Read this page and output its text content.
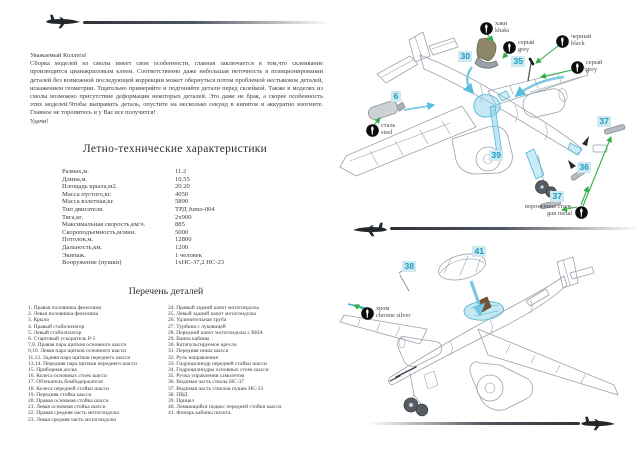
Уважаемый Коллега!

Сборка моделей из смолы имеет свои особенности, главная заключается в том,что склеивание производится цианакриловым клеем. Соответственно даже небольшая неточность в позиционировании деталей без возможной последующей коррекции может обернуться потом проблемой нестыковок деталей, искажением геометрии. Тщательно примеряйте и подгоняйте детали перед склейкой. Также в моделях из смолы возможно присутствие деформации некоторых деталей. Это даже не брак, а скорее особенность этих моделей.Чтобы выправить деталь, опустите на несколько секунд в кипяток и аккуратно изогните. Главное не торопитесь и у Вас все получится!

Удачи!

Летно-технические характеристики
Размах,м.	11.2
Длина,м.	10.55
Площадь крыла,м2.	20.20
Масса пустого,кг.	4050
Масса взлетная,кг.	5890
Тип двигателя.	ТРД Jumo-004
Тяга,кг.	2x900
Максимальная скорость,км/ч.	885
Скороподъемность,м/мин.	5000
Потолок,м.	12800
Дальность,км.	1200
Экипаж.	1 человек
Вооружение (пушки)	1xНС-37,2 НС-23
Перечень деталей
1. Правая половинка фюзеляжа
2. Левая половинка фюзеляжа
3. Крыло
4. Правый стабилизатор
5. Левый стабилизатор
6. Стартовый ускоритель Р-5
7,8. Правая пара щитков основного шасси
9,10. Левая пара щитков основного шасси
11,12. Задняя пара щитков переднего шасси
13,14. Передняя пара щитков переднего шасси
15. Приборная доска
16. Колеса основных стоек шасси
17. Обтекатель бомбодержателя
18. Колеса передней стойки шасси
19. Передняя стойка шасси
20. Правая основная стойка шасси
21. Левая основная стойка шасси
22. Правая средняя часть мотогондолы
23. Левая средняя часть мотогондолы
24. Правый задний капот мотогондолы
25. Левый задний капот мотогондолы
26. Удлинительная труба
27. Турбина с луковицей
28. Передний капот мотогондолы с ВНА
29. Ванна кабины
30. Катапультируемое кресло
31. Передняя ниша шасси
32. Руль направления
33. Гидроцилиндр передней стойки шасси
34. Гидроцилиндры основных стоек шасси
35. Ручка управления самолетом
36. Видимая часть ствола НС-37
37. Видимая часть стволов пушек НС-23
38. ПВД
39. Прицел
40. Ломающийся подкос передней стойки шасси
41. Фонарь кабины пилота.
30	35
6
39
36
37
37
38
41
хаки
khaki
серый
grey
черный
black
серый
grey
сталь
steel
вороненная сталь
gun metal
хром
chrome silver
